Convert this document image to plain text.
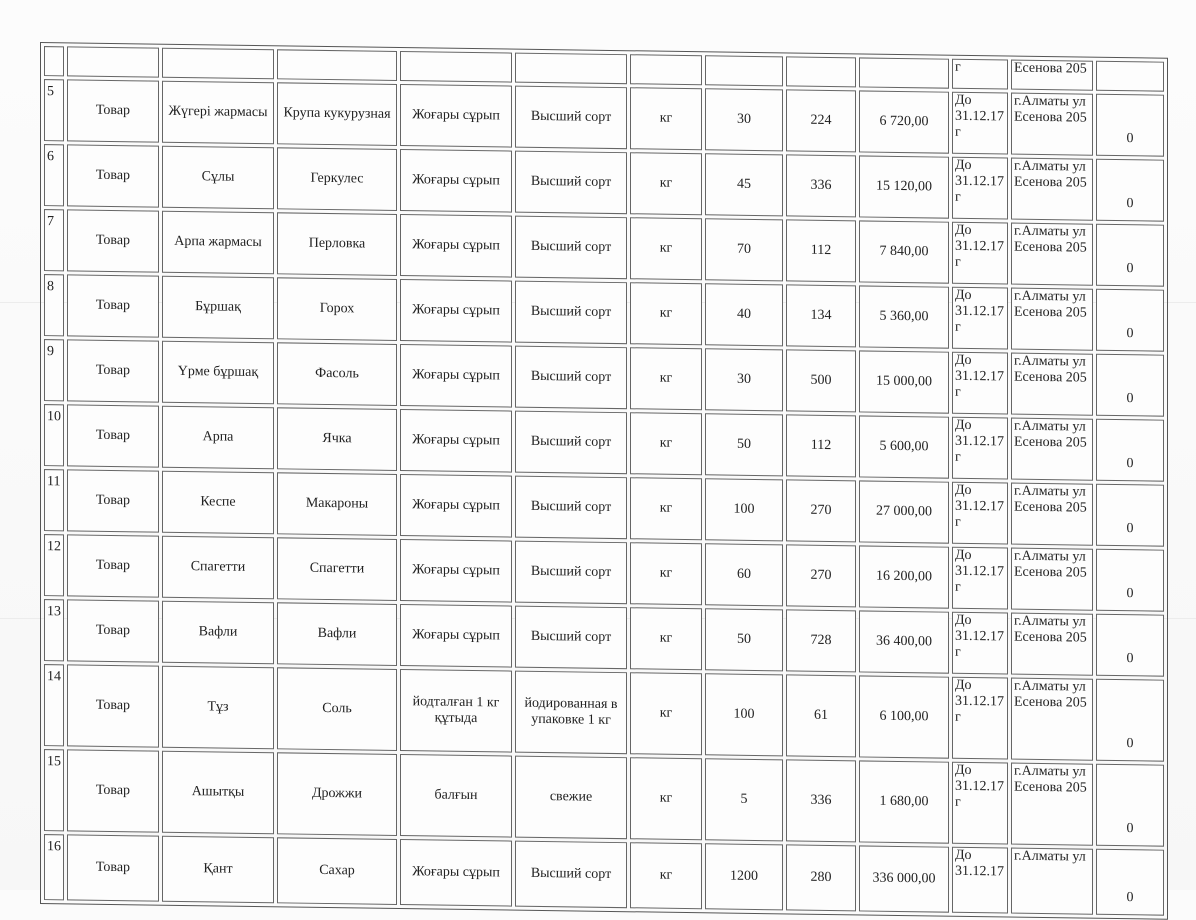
										г	Есенова 205	
5	Товар	Жүгері жармасы	Крупа кукурузная	Жоғары сұрып	Высший сорт	кг	30	224	6 720,00	До 31.12.17 г	г.Алматы ул Есенова 205	0
6	Товар	Сұлы	Геркулес	Жоғары сұрып	Высший сорт	кг	45	336	15 120,00	До 31.12.17 г	г.Алматы ул Есенова 205	0
7	Товар	Арпа жармасы	Перловка	Жоғары сұрып	Высший сорт	кг	70	112	7 840,00	До 31.12.17 г	г.Алматы ул Есенова 205	0
8	Товар	Бұршақ	Горох	Жоғары сұрып	Высший сорт	кг	40	134	5 360,00	До 31.12.17 г	г.Алматы ул Есенова 205	0
9	Товар	Үрме бұршақ	Фасоль	Жоғары сұрып	Высший сорт	кг	30	500	15 000,00	До 31.12.17 г	г.Алматы ул Есенова 205	0
10	Товар	Арпа	Ячка	Жоғары сұрып	Высший сорт	кг	50	112	5 600,00	До 31.12.17 г	г.Алматы ул Есенова 205	0
11	Товар	Кеспе	Макароны	Жоғары сұрып	Высший сорт	кг	100	270	27 000,00	До 31.12.17 г	г.Алматы ул Есенова 205	0
12	Товар	Спагетти	Спагетти	Жоғары сұрып	Высший сорт	кг	60	270	16 200,00	До 31.12.17 г	г.Алматы ул Есенова 205	0
13	Товар	Вафли	Вафли	Жоғары сұрып	Высший сорт	кг	50	728	36 400,00	До 31.12.17 г	г.Алматы ул Есенова 205	0
14	Товар	Тұз	Соль	йодталған 1 кг құтыда	йодированная в упаковке 1 кг	кг	100	61	6 100,00	До 31.12.17 г	г.Алматы ул Есенова 205	0
15	Товар	Ашытқы	Дрожжи	балғын	свежие	кг	5	336	1 680,00	До 31.12.17 г	г.Алматы ул Есенова 205	0
16	Товар	Қант	Сахар	Жоғары сұрып	Высший сорт	кг	1200	280	336 000,00	До 31.12.17	г.Алматы ул	0
